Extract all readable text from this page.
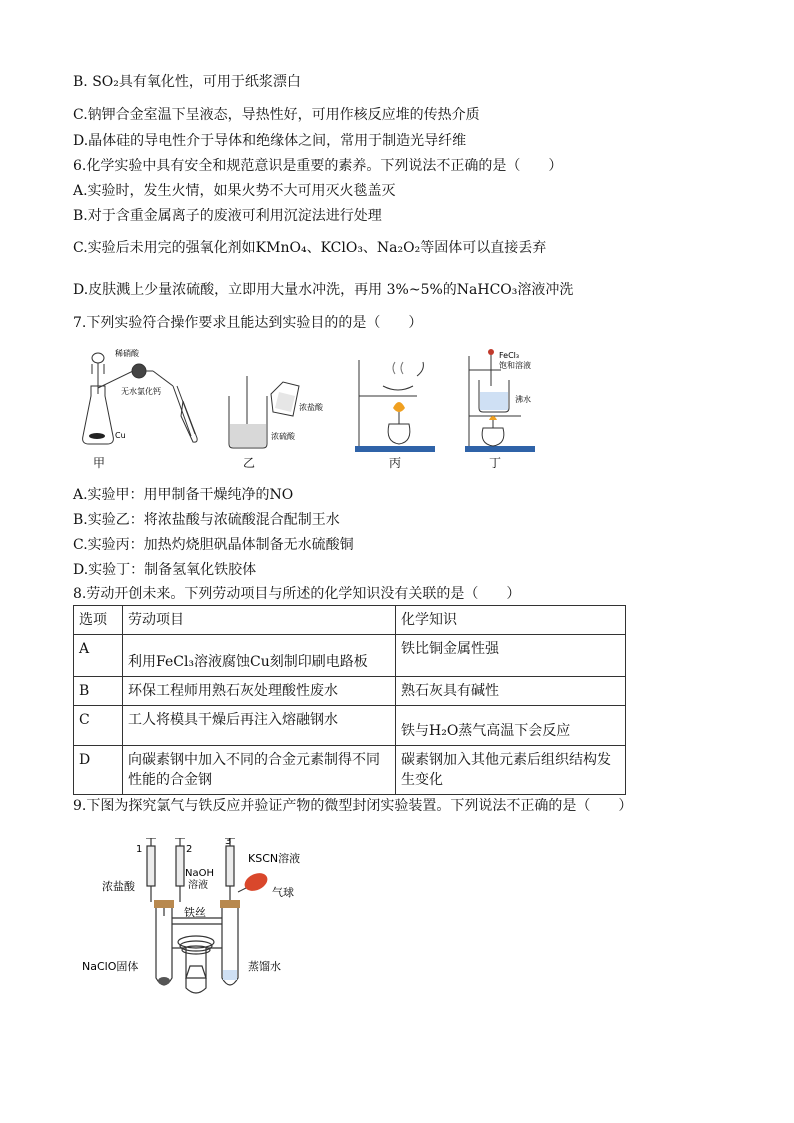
B. SO₂具有氧化性，可用于纸浆漂白
C.钠钾合金室温下呈液态，导热性好，可用作核反应堆的传热介质
D.晶体硅的导电性介于导体和绝缘体之间，常用于制造光导纤维
6.化学实验中具有安全和规范意识是重要的素养。下列说法不正确的是（　　）
A.实验时，发生火情，如果火势不大可用灭火毯盖灭
B.对于含重金属离子的废液可利用沉淀法进行处理
C.实验后未用完的强氧化剂如KMnO₄、KClO₃、Na₂O₂等固体可以直接丢弃
D.皮肤溅上少量浓硫酸，立即用大量水冲洗，再用 3%~5%的NaHCO₃溶液冲洗
7.下列实验符合操作要求且能达到实验目的的是（　　）
稀硝酸
无水氯化钙
Cu
甲
浓盐酸
浓硫酸
乙	丙
FeCl₃
饱和溶液
沸水
丁
A.实验甲：用甲制备干燥纯净的NO
B.实验乙：将浓盐酸与浓硫酸混合配制王水
C.实验丙：加热灼烧胆矾晶体制备无水硫酸铜
D.实验丁：制备氢氧化铁胶体
8.劳动开创未来。下列劳动项目与所述的化学知识没有关联的是（　　）
选项	劳动项目	化学知识
A	利用FeCl₃溶液腐蚀Cu刻制印刷电路板	铁比铜金属性强
B	环保工程师用熟石灰处理酸性废水	熟石灰具有碱性
C	工人将模具干燥后再注入熔融钢水	铁与H₂O蒸气高温下会反应
D	向碳素钢中加入不同的合金元素制得不同性能的合金钢	碳素钢加入其他元素后组织结构发生变化
9.下图为探究氯气与铁反应并验证产物的微型封闭实验装置。下列说法不正确的是（　　）
1	2
3
浓盐酸
NaOH
溶液
KSCN溶液
气球
铁丝
NaClO固体	蒸馏水
